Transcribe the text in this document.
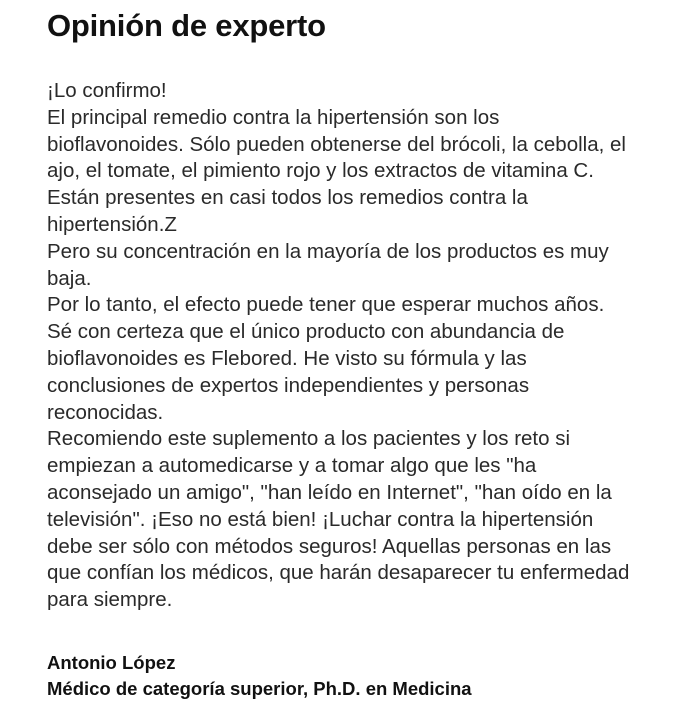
Opinión de experto
¡Lo confirmo!
El principal remedio contra la hipertensión son los
bioflavonoides. Sólo pueden obtenerse del brócoli, la cebolla, el
ajo, el tomate, el pimiento rojo y los extractos de vitamina C.
Están presentes en casi todos los remedios contra la
hipertensión.Z
Pero su concentración en la mayoría de los productos es muy
baja.
Por lo tanto, el efecto puede tener que esperar muchos años.
Sé con certeza que el único producto con abundancia de
bioflavonoides es Flebored. He visto su fórmula y las
conclusiones de expertos independientes y personas
reconocidas.
Recomiendo este suplemento a los pacientes y los reto si
empiezan a automedicarse y a tomar algo que les "ha
aconsejado un amigo", "han leído en Internet", "han oído en la
televisión". ¡Eso no está bien! ¡Luchar contra la hipertensión
debe ser sólo con métodos seguros! Aquellas personas en las
que confían los médicos, que harán desaparecer tu enfermedad
para siempre.
Antonio López
Médico de categoría superior, Ph.D. en Medicina
